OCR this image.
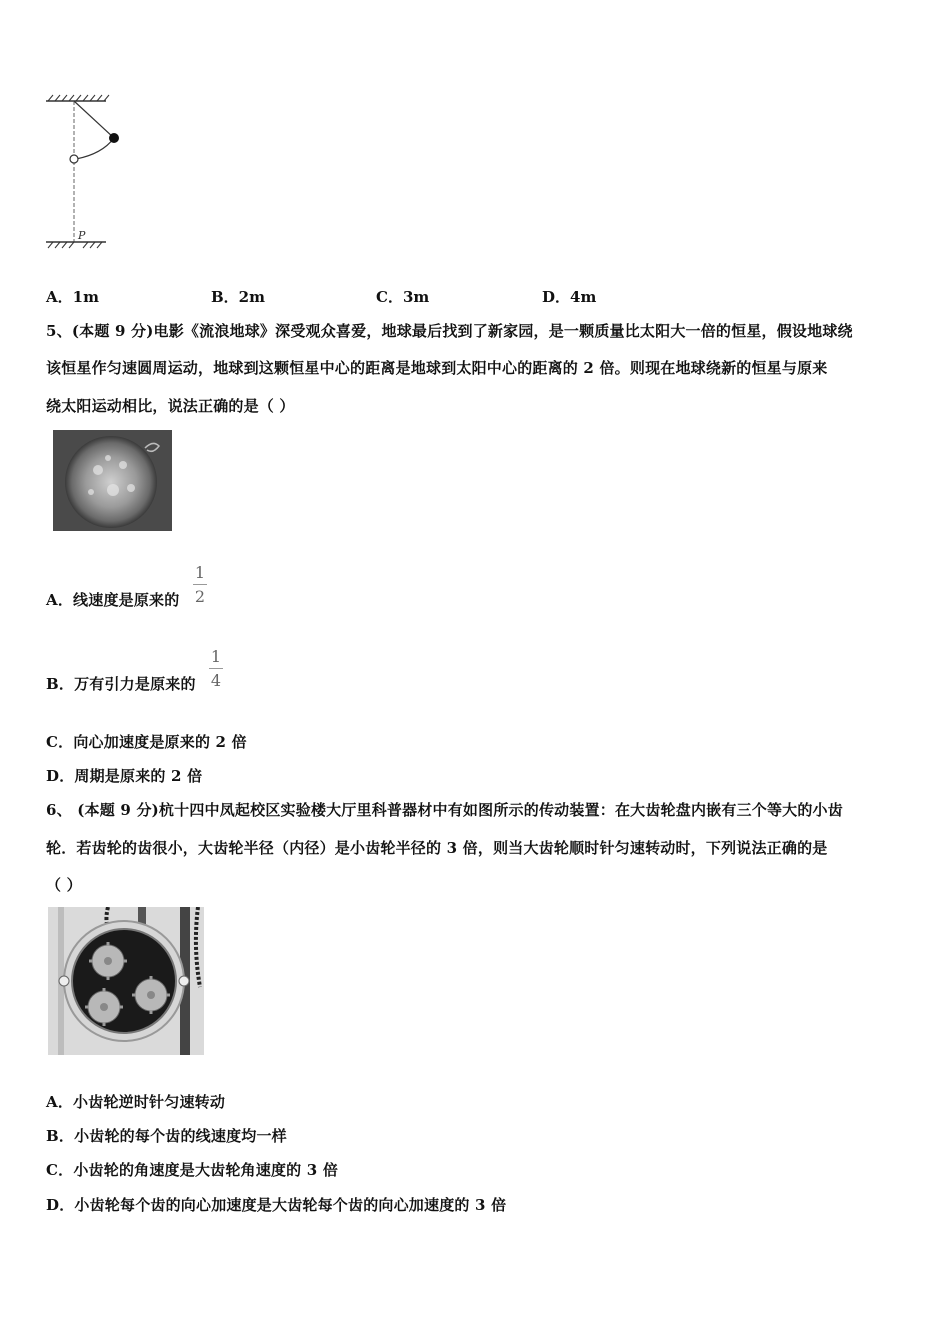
P
A．1m	B．2m	C．3m	D．4m
5、(本题 9 分)电影《流浪地球》深受观众喜爱，地球最后找到了新家园，是一颗质量比太阳大一倍的恒星，假设地球绕
该恒星作匀速圆周运动，地球到这颗恒星中心的距离是地球到太阳中心的距离的 2 倍。则现在地球绕新的恒星与原来
绕太阳运动相比，说法正确的是（ ）
A．线速度是原来的
1
2
B．万有引力是原来的
1
4
C．向心加速度是原来的 2 倍
D．周期是原来的 2 倍
6、 (本题 9 分)杭十四中凤起校区实验楼大厅里科普器材中有如图所示的传动装置：在大齿轮盘内嵌有三个等大的小齿
轮．若齿轮的齿很小，大齿轮半径（内径）是小齿轮半径的 3 倍，则当大齿轮顺时针匀速转动时，下列说法正确的是
（ ）
A．小齿轮逆时针匀速转动
B．小齿轮的每个齿的线速度均一样
C．小齿轮的角速度是大齿轮角速度的 3 倍
D．小齿轮每个齿的向心加速度是大齿轮每个齿的向心加速度的 3 倍
